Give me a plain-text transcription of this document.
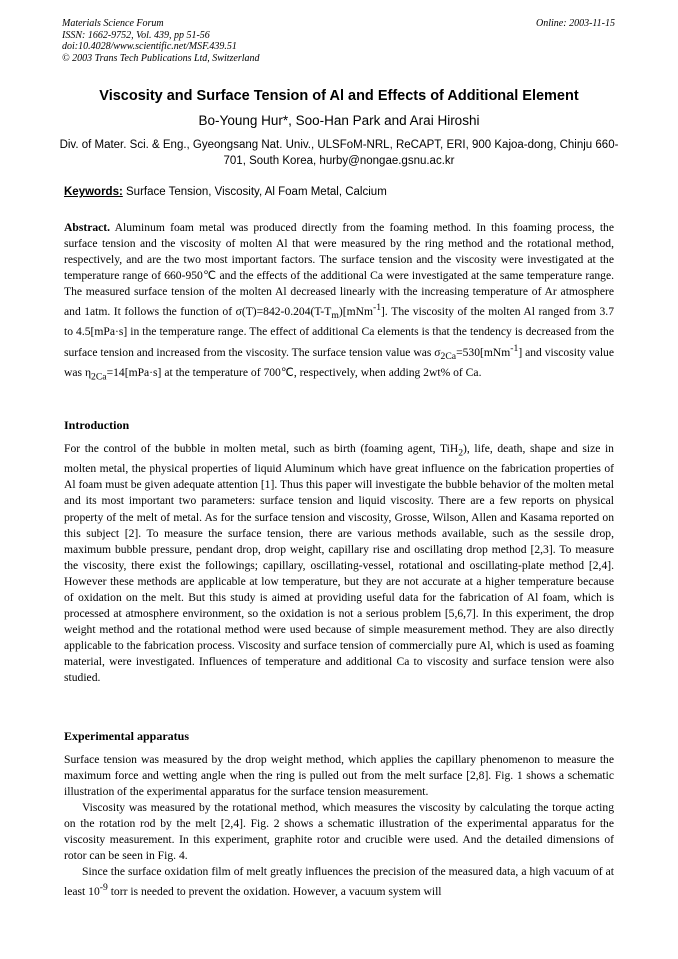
Materials Science Forum
ISSN: 1662-9752, Vol. 439, pp 51-56
doi:10.4028/www.scientific.net/MSF.439.51
© 2003 Trans Tech Publications Ltd, Switzerland
Online: 2003-11-15
Viscosity and Surface Tension of Al and Effects of Additional Element
Bo-Young Hur*, Soo-Han Park and Arai Hiroshi
Div. of Mater. Sci. & Eng., Gyeongsang Nat. Univ., ULSFoM-NRL, ReCAPT, ERI, 900 Kajoa-dong, Chinju 660-701, South Korea, hurby@nongae.gsnu.ac.kr
Keywords: Surface Tension, Viscosity, Al Foam Metal, Calcium

Abstract. Aluminum foam metal was produced directly from the foaming method. In this foaming process, the surface tension and the viscosity of molten Al that were measured by the ring method and the rotational method, respectively, and are the two most important factors. The surface tension and the viscosity were investigated at the temperature range of 660-950℃ and the effects of the additional Ca were investigated at the same temperature range. The measured surface tension of the molten Al decreased linearly with the increasing temperature of Ar atmosphere and 1atm. It follows the function of $\sigma(T)=842-0.204(T-T_m)[mNm^{-1}]$. The viscosity of the molten Al ranged from 3.7 to 4.5[mPa·s] in the temperature range. The effect of additional Ca elements is that the tendency is decreased from the surface tension and increased from the viscosity. The surface tension value was $\sigma_{2Ca}=530[mNm^{-1}]$ and viscosity value was $\eta_{2Ca}=14[mPa\cdot s]$ at the temperature of 700℃, respectively, when adding 2wt% of Ca.

Introduction

For the control of the bubble in molten metal, such as birth (foaming agent, TiH$_2$), life, death, shape and size in molten metal, the physical properties of liquid Aluminum which have great influence on the fabrication properties of Al foam must be given adequate attention [1]. Thus this paper will investigate the bubble behavior of the molten metal and its most important two parameters: surface tension and liquid viscosity. There are a few reports on physical property of the melt of metal. As for the surface tension and viscosity, Grosse, Wilson, Allen and Kasama reported on this subject [2]. To measure the surface tension, there are various methods available, such as the sessile drop, maximum bubble pressure, pendant drop, drop weight, capillary rise and oscillating drop method [2,3]. To measure the viscosity, there exist the followings; capillary, oscillating-vessel, rotational and oscillating-plate method [2,4]. However these methods are applicable at low temperature, but they are not accurate at a higher temperature because of oxidation on the melt. But this study is aimed at providing useful data for the fabrication of Al foam, which is processed at atmosphere environment, so the oxidation is not a serious problem [5,6,7]. In this experiment, the drop weight method and the rotational method were used because of simple measurement method. They are also directly applicable to the fabrication process. Viscosity and surface tension of commercially pure Al, which is used as foaming material, were investigated. Influences of temperature and additional Ca to viscosity and surface tension were also studied.

Experimental apparatus

Surface tension was measured by the drop weight method, which applies the capillary phenomenon to measure the maximum force and wetting angle when the ring is pulled out from the melt surface [2,8]. Fig. 1 shows a schematic illustration of the experimental apparatus for the surface tension measurement.

Viscosity was measured by the rotational method, which measures the viscosity by calculating the torque acting on the rotation rod by the melt [2,4]. Fig. 2 shows a schematic illustration of the experimental apparatus for the viscosity measurement. In this experiment, graphite rotor and crucible were used. And the detailed dimensions of rotor can be seen in Fig. 4.

Since the surface oxidation film of melt greatly influences the precision of the measured data, a high vacuum of at least $10^{-9}$ torr is needed to prevent the oxidation. However, a vacuum system will
